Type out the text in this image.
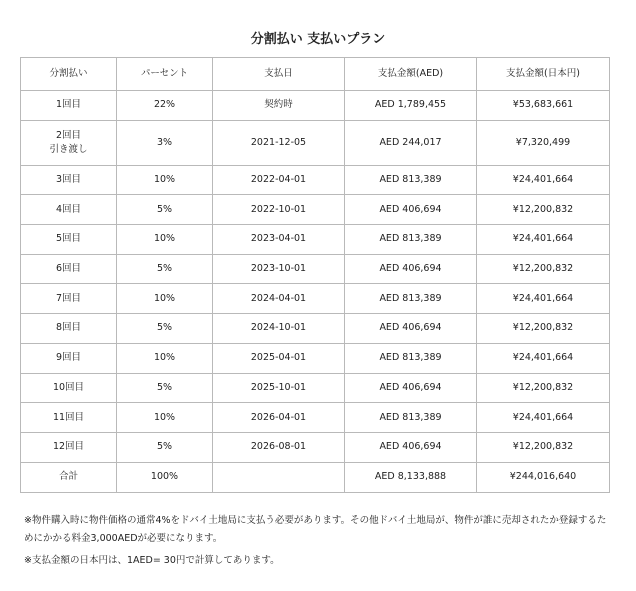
分割払い 支払いプラン
分割払い	パーセント	支払日	支払金額(AED)	支払金額(日本円)

1回目	22%	契約時	AED 1,789,455	¥53,683,661

2回目
引き渡し	3%	2021-12-05	AED 244,017	¥7,320,499

3回目	10%	2022-04-01	AED 813,389	¥24,401,664

4回目	5%	2022-10-01	AED 406,694	¥12,200,832

5回目	10%	2023-04-01	AED 813,389	¥24,401,664

6回目	5%	2023-10-01	AED 406,694	¥12,200,832

7回目	10%	2024-04-01	AED 813,389	¥24,401,664

8回目	5%	2024-10-01	AED 406,694	¥12,200,832

9回目	10%	2025-04-01	AED 813,389	¥24,401,664

10回目	5%	2025-10-01	AED 406,694	¥12,200,832

11回目	10%	2026-04-01	AED 813,389	¥24,401,664

12回目	5%	2026-08-01	AED 406,694	¥12,200,832
合計	100%		AED 8,133,888	¥244,016,640

※物件購入時に物件価格の通常4%をドバイ土地局に支払う必要があります。その他ドバイ土地局が、物件が誰に売却されたか登録するためにかかる料金3,000AEDが必要になります。

※支払金額の日本円は、1AED= 30円で計算してあります。
